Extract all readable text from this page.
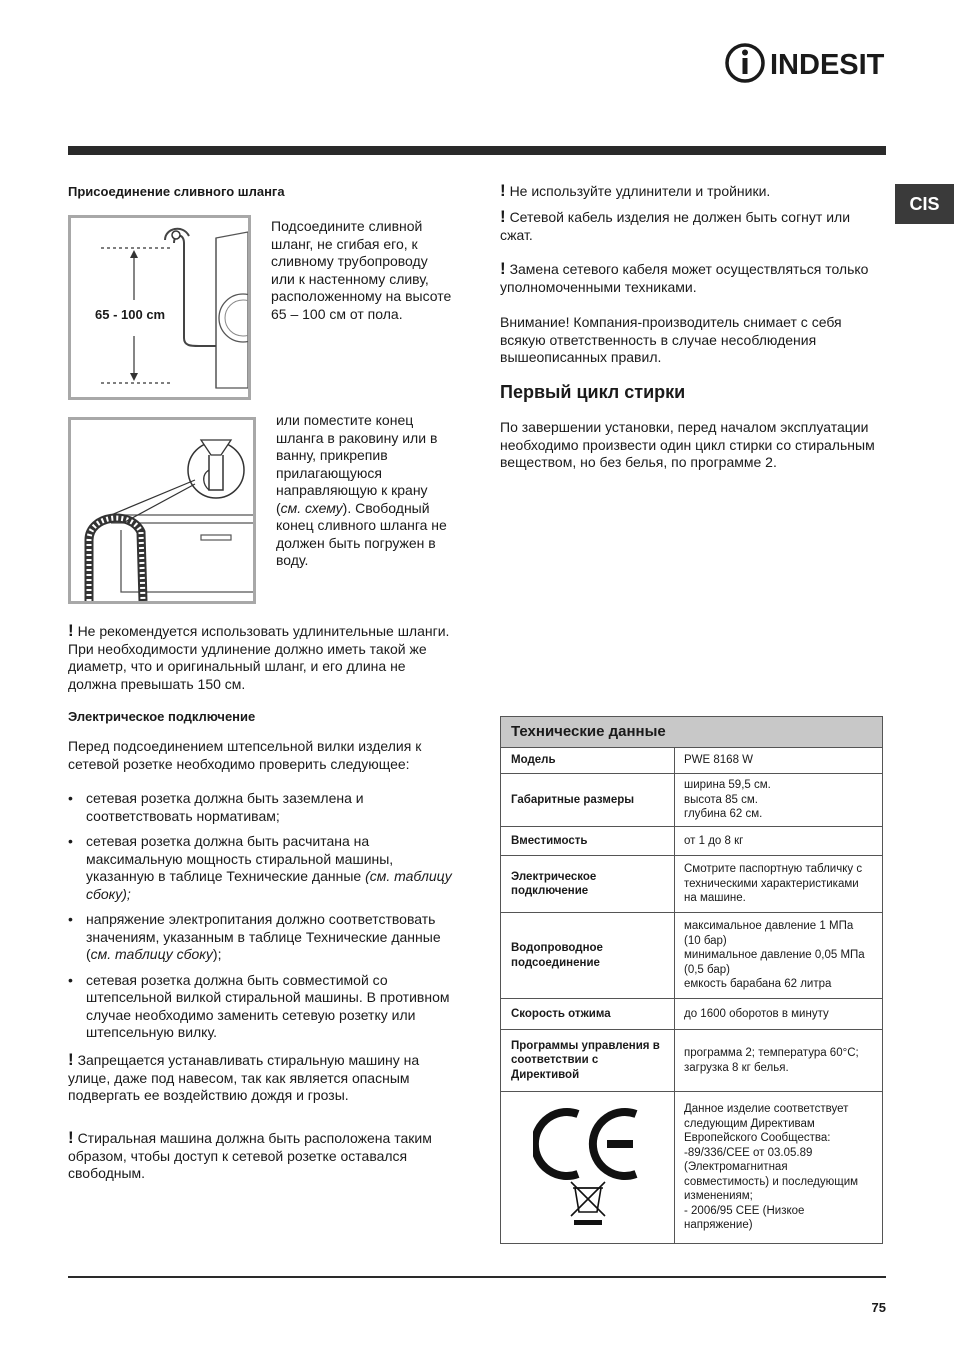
INDESIT
CIS
Присоединение сливного шланга
65 - 100 cm
Подсоедините сливной шланг, не сгибая его, к сливному трубопроводу или к настенному сливу, расположенному на высоте 65 – 100 см от пола.
или поместите конец шланга в раковину или в ванну, прикрепив прилагающуюся направляющую к крану (см. схему). Свободный конец сливного шланга не должен быть погружен в воду.
! Не рекомендуется использовать удлинительные шланги. При необходимости удлинение должно иметь такой же диаметр, что и оригинальный шланг, и его длина не должна превышать 150 см.
Электрическое подключение
Перед подсоединением штепсельной вилки изделия к сетевой розетке необходимо проверить следующее:
• сетевая розетка должна быть заземлена и соответствовать нормативам;
• сетевая розетка должна быть расчитана на максимальную мощность стиральной машины, указанную в таблице Технические данные (см. таблицу сбоку);
• напряжение электропитания должно соответствовать значениям, указанным в таблице Технические данные (см. таблицу сбоку);
• сетевая розетка должна быть совместимой со штепсельной вилкой стиральной машины. В противном случае необходимо заменить сетевую розетку или штепсельную вилку.
! Запрещается устанавливать стиральную машину на улице, даже под навесом, так как является опасным подвергать ее воздействию дождя и грозы.
! Стиральная машина должна быть расположена таким образом, чтобы доступ к сетевой розетке оставался свободным.
! Не используйте удлинители и тройники.
! Сетевой кабель изделия не должен быть согнут или сжат.
! Замена сетевого кабеля может осуществляться только уполномоченными техниками.
Внимание! Компания-производитель снимает с себя всякую ответственность в случае несоблюдения вышеописанных правил.
Первый цикл стирки
По завершении установки, перед началом эксплуатации необходимо произвести один цикл стирки со стиральным веществом, но без белья, по программе 2.
Технические данные	
Модель	PWE 8168 W
Габаритные размеры	ширина 59,5 см.
высота 85 см.
глубина 62 см.

Вместимость	от 1 до 8 кг
Электрическое подключение	Смотрите паспортную табличку с техническими характеристиками на машине.
Водопроводное подсоединение	максимальное давление 1 МПа (10 бар)
минимальное давление 0,05 МПа (0,5 бар)
емкость барабана 62 литра

Скорость отжима	до 1600 оборотов в минуту
Программы управления в соответствии с Директивой	программа 2; температура 60°С; загрузка 8 кг белья.

Данное изделие соответствует следующим Директивам Европейского Сообщества:
-89/336/CEE от 03.05.89 (Электромагнитная совместимость) и последующим изменениям;
- 2006/95 CEE (Низкое напряжение)
75
